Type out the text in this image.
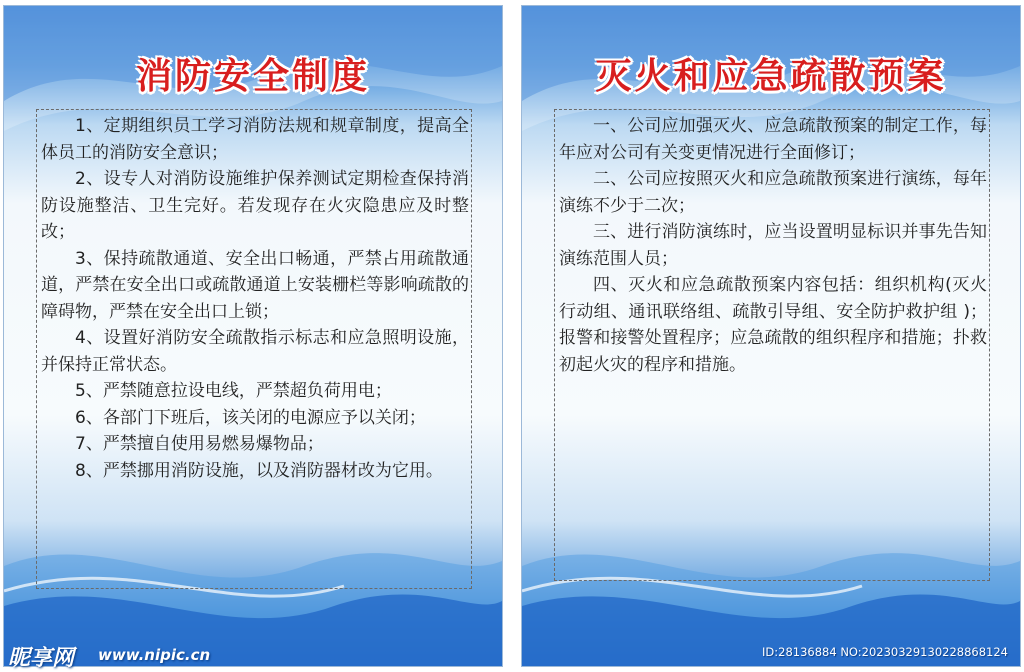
消防安全制度

1、定期组织员工学习消防法规和规章制度，提高全体员工的消防安全意识；

2、设专人对消防设施维护保养测试定期检查保持消防设施整洁、卫生完好。若发现存在火灾隐患应及时整改；

3、保持疏散通道、安全出口畅通，严禁占用疏散通道，严禁在安全出口或疏散通道上安装栅栏等影响疏散的障碍物，严禁在安全出口上锁；

4、设置好消防安全疏散指示标志和应急照明设施，并保持正常状态。

5、严禁随意拉设电线，严禁超负荷用电；

6、各部门下班后，该关闭的电源应予以关闭；

7、严禁擅自使用易燃易爆物品；

8、严禁挪用消防设施，以及消防器材改为它用。

灭火和应急疏散预案

一、公司应加强灭火、应急疏散预案的制定工作，每年应对公司有关变更情况进行全面修订；

二、公司应按照灭火和应急疏散预案进行演练，每年演练不少于二次；

三、进行消防演练时，应当设置明显标识并事先告知演练范围人员；

四、灭火和应急疏散预案内容包括：组织机构(灭火行动组、通讯联络组、疏散引导组、安全防护救护组 )；报警和接警处置程序；应急疏散的组织程序和措施；扑救初起火灾的程序和措施。

昵享网 www.nipic.cn	ID:28136884 NO:20230329130228868124
